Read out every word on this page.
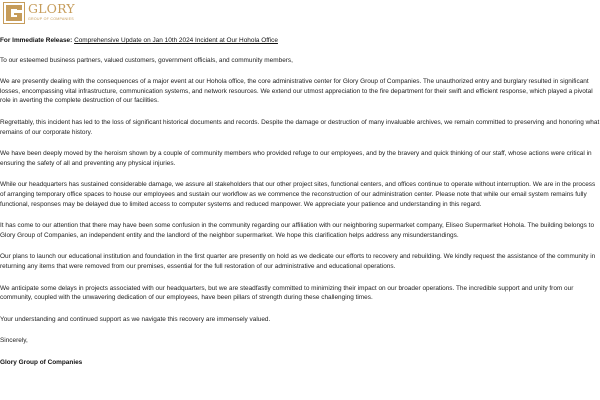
GLORY
GROUP OF COMPANIES

For Immediate Release: Comprehensive Update on Jan 10th 2024 Incident at Our Hohola Office

To our esteemed business partners, valued customers, government officials, and community members,

We are presently dealing with the consequences of a major event at our Hohola office, the core administrative center for Glory Group of Companies. The unauthorized entry and burglary resulted in significant losses, encompassing vital infrastructure, communication systems, and network resources. We extend our utmost appreciation to the fire department for their swift and efficient response, which played a pivotal role in averting the complete destruction of our facilities.

Regrettably, this incident has led to the loss of significant historical documents and records. Despite the damage or destruction of many invaluable archives, we remain committed to preserving and honoring what remains of our corporate history.

We have been deeply moved by the heroism shown by a couple of community members who provided refuge to our employees, and by the bravery and quick thinking of our staff, whose actions were critical in ensuring the safety of all and preventing any physical injuries.

While our headquarters has sustained considerable damage, we assure all stakeholders that our other project sites, functional centers, and offices continue to operate without interruption. We are in the process of arranging temporary office spaces to house our employees and sustain our workflow as we commence the reconstruction of our administration center. Please note that while our email system remains fully functional, responses may be delayed due to limited access to computer systems and reduced manpower. We appreciate your patience and understanding in this regard.

It has come to our attention that there may have been some confusion in the community regarding our affiliation with our neighboring supermarket company, Eliseo Supermarket Hohola. The building belongs to Glory Group of Companies, an independent entity and the landlord of the neighbor supermarket. We hope this clarification helps address any misunderstandings.

Our plans to launch our educational institution and foundation in the first quarter are presently on hold as we dedicate our efforts to recovery and rebuilding. We kindly request the assistance of the community in returning any items that were removed from our premises, essential for the full restoration of our administrative and educational operations.

We anticipate some delays in projects associated with our headquarters, but we are steadfastly committed to minimizing their impact on our broader operations. The incredible support and unity from our community, coupled with the unwavering dedication of our employees, have been pillars of strength during these challenging times.

Your understanding and continued support as we navigate this recovery are immensely valued.

Sincerely,

Glory Group of Companies
